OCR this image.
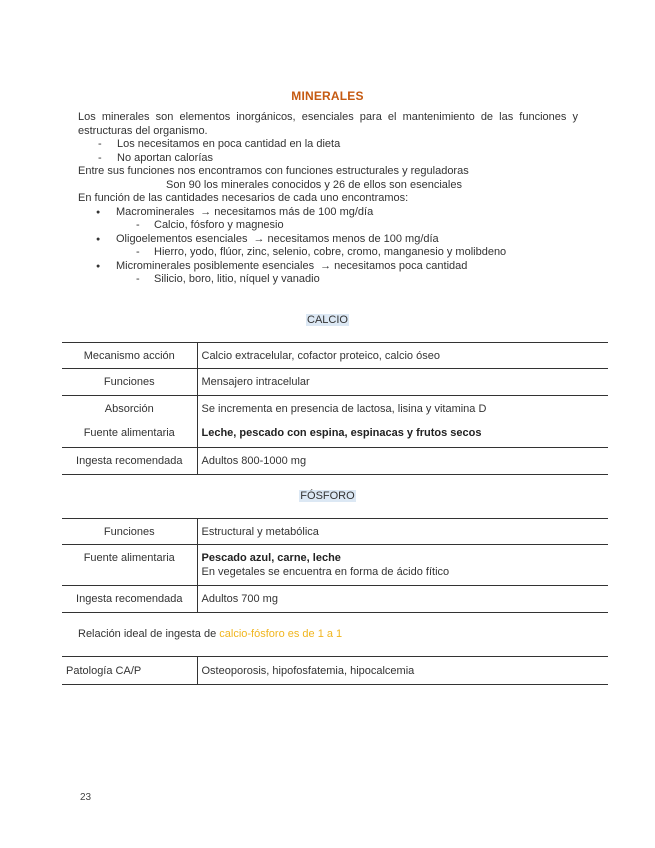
MINERALES

Los minerales son elementos inorgánicos, esenciales para el mantenimiento de las funciones y estructuras del organismo.

- Los necesitamos en poca cantidad en la dieta
- No aportan calorías

Entre sus funciones nos encontramos con funciones estructurales y reguladoras

Son 90 los minerales conocidos y 26 de ellos son esenciales

En función de las cantidades necesarios de cada uno encontramos:

● Macrominerales → necesitamos más de 100 mg/día
- Calcio, fósforo y magnesio
● Oligoelementos esenciales → necesitamos menos de 100 mg/día
- Hierro, yodo, flúor, zinc, selenio, cobre, cromo, manganesio y molibdeno
● Microminerales posiblemente esenciales → necesitamos poca cantidad
- Silicio, boro, litio, níquel y vanadio
CALCIO
Mecanismo acción	Calcio extracelular, cofactor proteico, calcio óseo
Funciones	Mensajero intracelular
Absorción	Se incrementa en presencia de lactosa, lisina y vitamina D
Fuente alimentaria	Leche, pescado con espina, espinacas y frutos secos
Ingesta recomendada	Adultos 800-1000 mg
FÓSFORO
Funciones	Estructural y metabólica
Fuente alimentaria	Pescado azul, carne, leche
En vegetales se encuentra en forma de ácido fítico

Ingesta recomendada	Adultos 700 mg
Relación ideal de ingesta de calcio-fósforo es de 1 a 1
Patología CA/P	Osteoporosis, hipofosfatemia, hipocalcemia
23
